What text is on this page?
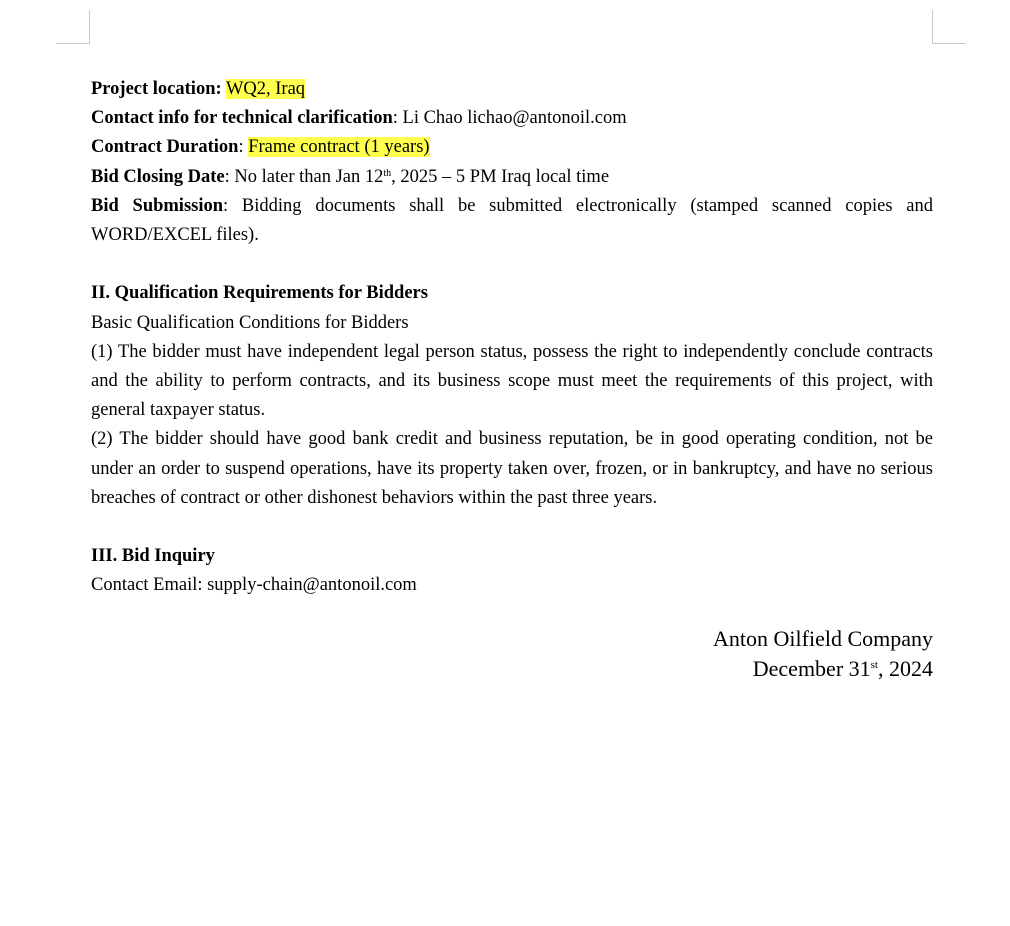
Project location: WQ2, Iraq

Contact info for technical clarification: Li Chao lichao@antonoil.com

Contract Duration: Frame contract (1 years)

Bid Closing Date: No later than Jan 12th, 2025 – 5 PM Iraq local time

Bid Submission: Bidding documents shall be submitted electronically (stamped scanned copies and WORD/EXCEL files).

II. Qualification Requirements for Bidders

Basic Qualification Conditions for Bidders

(1) The bidder must have independent legal person status, possess the right to independently conclude contracts and the ability to perform contracts, and its business scope must meet the requirements of this project, with general taxpayer status.

(2) The bidder should have good bank credit and business reputation, be in good operating condition, not be under an order to suspend operations, have its property taken over, frozen, or in bankruptcy, and have no serious breaches of contract or other dishonest behaviors within the past three years.

III. Bid Inquiry

Contact Email: supply-chain@antonoil.com

Anton Oilfield Company
December 31st, 2024
